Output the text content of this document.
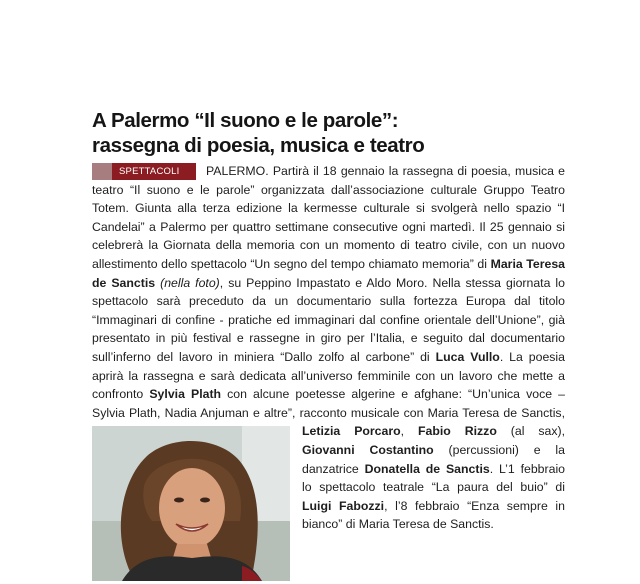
A Palermo “Il suono e le parole”:
rassegna di poesia, musica e teatro
SPETTACOLI	PALERMO. Partirà il 18 gennaio la rassegna di poesia, musica e teatro “Il suono e le parole” organizzata dall’associazione culturale Gruppo Teatro Totem. Giunta alla terza edizione la kermesse culturale si svolgerà nello spazio “I Candelai” a Palermo per quattro settimane consecutive ogni martedì. Il 25 gennaio si celebrerà la Giornata della memoria con un momento di teatro civile, con un nuovo allestimento dello spettacolo “Un segno del tempo chiamato memoria” di Maria Teresa de Sanctis (nella foto), su Peppino Impastato e Aldo Moro. Nella stessa giornata lo spettacolo sarà preceduto da un documentario sulla fortezza Europa dal titolo “Immaginari di confine - pratiche ed immaginari dal confine orientale dell’Unione”, già presentato in più festival e rassegne in giro per l’Italia, e seguito dal documentario sull’inferno del lavoro in miniera “Dallo zolfo al carbone” di Luca Vullo. La poesia aprirà la rassegna e sarà dedicata all’universo femminile con un lavoro che mette a confronto Sylvia Plath con alcune poetesse algerine e afghane: “Un’unica voce – Sylvia Plath, Nadia Anjuman e altre”, racconto musicale con Maria Teresa de Sanctis,
Letizia Porcaro, Fabio Rizzo (al sax), Giovanni Costantino (percussioni) e la danzatrice Donatella de Sanctis. L’1 febbraio lo spettacolo teatrale “La paura del buio” di Luigi Fabozzi, l’8 febbraio “Enza sempre in bianco” di Maria Teresa de Sanctis.
